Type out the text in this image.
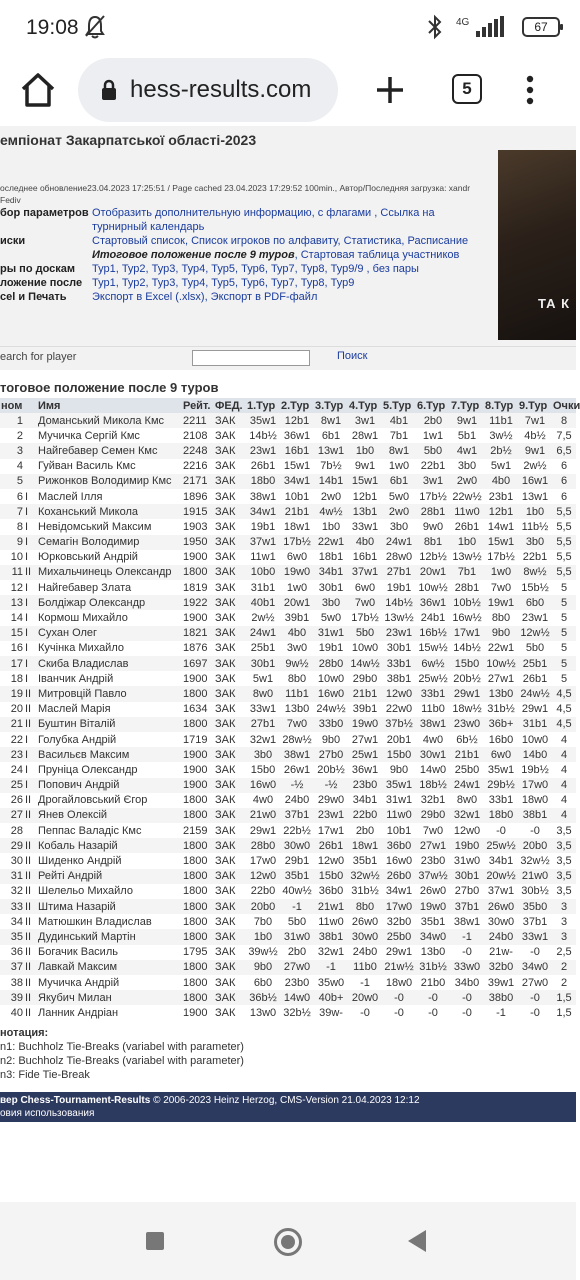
19:08	4G	67
hess-results.com	5
емпіонат Закарпатської області-2023
оследнее обновление23.04.2023 17:25:51 / Page cached 23.04.2023 17:29:52 100min., Автор/Последняя загрузка: xandr Fediv
бор параметров Отобразить дополнительную информацию, с флагами , Ссылка на турнирный календарь
иски	Стартовый список, Список игроков по алфавиту, Статистика, Расписание
Итоговое положение после 9 туров, Стартовая таблица участников
ры по доскам	Тур1, Тур2, Тур3, Тур4, Тур5, Тур6, Тур7, Тур8, Тур9/9 , без пары
ложение после Тур1, Тур2, Тур3, Тур4, Тур5, Тур6, Тур7, Тур8, Тур9
cel и Печать	Экспорт в Excel (.xlsx), Экспорт в PDF-файл	ТА К
earch for player	Поиск
тоговое положение после 9 туров
ном		Имя	Рейт.	ФЕД.	1.Тур	2.Тур	3.Тур	4.Тур	5.Тур	6.Тур	7.Тур	8.Тур	9.Тур	Очки
1		Доманський Микола Кмс	2211	ЗАК	35w1	12b1	8w1	3w1	4b1	2b0	9w1	11b1	7w1	8
2		Мучичка Сергій Кмс	2108	ЗАК	14b½	36w1	6b1	28w1	7b1	1w1	5b1	3w½	4b½	7,5
3		Найгебавер Семен Кмс	2248	ЗАК	23w1	16b1	13w1	1b0	8w1	5b0	4w1	2b½	9w1	6,5
4		Гуйван Василь Кмс	2216	ЗАК	26b1	15w1	7b½	9w1	1w0	22b1	3b0	5w1	2w½	6
5		Рижонков Володимир Кмс	2171	ЗАК	18b0	34w1	14b1	15w1	6b1	3w1	2w0	4b0	16w1	6
6	І	Маслей Ілля	1896	ЗАК	38w1	10b1	2w0	12b1	5w0	17b½	22w½	23b1	13w1	6
7	І	Коханський Микола	1915	ЗАК	34w1	21b1	4w½	13b1	2w0	28b1	11w0	12b1	1b0	5,5
8	І	Невідомський Максим	1903	ЗАК	19b1	18w1	1b0	33w1	3b0	9w0	26b1	14w1	11b½	5,5
9	І	Семагін Володимир	1950	ЗАК	37w1	17b½	22w1	4b0	24w1	8b1	1b0	15w1	3b0	5,5
10	І	Юрковський Андрій	1900	ЗАК	11w1	6w0	18b1	16b1	28w0	12b½	13w½	17b½	22b1	5,5
11	ІІ	Михальчинець Олександр	1800	ЗАК	10b0	19w0	34b1	37w1	27b1	20w1	7b1	1w0	8w½	5,5
12	І	Найгебавер Злата	1819	ЗАК	31b1	1w0	30b1	6w0	19b1	10w½	28b1	7w0	15b½	5
13	І	Болдіжар Олександр	1922	ЗАК	40b1	20w1	3b0	7w0	14b½	36w1	10b½	19w1	6b0	5
14	І	Кормош Михайло	1900	ЗАК	2w½	39b1	5w0	17b½	13w½	24b1	16w½	8b0	23w1	5
15	І	Сухан Олег	1821	ЗАК	24w1	4b0	31w1	5b0	23w1	16b½	17w1	9b0	12w½	5
16	І	Кучінка Михайло	1876	ЗАК	25b1	3w0	19b1	10w0	30b1	15w½	14b½	22w1	5b0	5
17	І	Скиба Владислав	1697	ЗАК	30b1	9w½	28b0	14w½	33b1	6w½	15b0	10w½	25b1	5
18	І	Іванчик Андрій	1900	ЗАК	5w1	8b0	10w0	29b0	38b1	25w½	20b½	27w1	26b1	5
19	ІІ	Митровцій Павло	1800	ЗАК	8w0	11b1	16w0	21b1	12w0	33b1	29w1	13b0	24w½	4,5
20	ІІ	Маслей Марія	1634	ЗАК	33w1	13b0	24w½	39b1	22w0	11b0	18w½	31b½	29w1	4,5
21	ІІ	Буштин Віталій	1800	ЗАК	27b1	7w0	33b0	19w0	37b½	38w1	23w0	36b+	31b1	4,5
22	І	Голубка Андрій	1719	ЗАК	32w1	28w½	9b0	27w1	20b1	4w0	6b½	16b0	10w0	4
23	І	Васильєв Максим	1900	ЗАК	3b0	38w1	27b0	25w1	15b0	30w1	21b1	6w0	14b0	4
24	І	Пруніца Олександр	1900	ЗАК	15b0	26w1	20b½	36w1	9b0	14w0	25b0	35w1	19b½	4
25	І	Попович Андрій	1900	ЗАК	16w0	-½	-½	23b0	35w1	18b½	24w1	29b½	17w0	4
26	ІІ	Дрогайловський Єгор	1800	ЗАК	4w0	24b0	29w0	34b1	31w1	32b1	8w0	33b1	18w0	4
27	ІІ	Янев Олексій	1800	ЗАК	21w0	37b1	23w1	22b0	11w0	29b0	32w1	18b0	38b1	4
28		Пеппас Валадіс Кмс	2159	ЗАК	29w1	22b½	17w1	2b0	10b1	7w0	12w0	-0	-0	3,5
29	ІІ	Кобаль Назарій	1800	ЗАК	28b0	30w0	26b1	18w1	36b0	27w1	19b0	25w½	20b0	3,5
30	ІІ	Шиденко Андрій	1800	ЗАК	17w0	29b1	12w0	35b1	16w0	23b0	31w0	34b1	32w½	3,5
31	ІІ	Рейті Андрій	1800	ЗАК	12w0	35b1	15b0	32w½	26b0	37w½	30b1	20w½	21w0	3,5
32	ІІ	Шелельо Михайло	1800	ЗАК	22b0	40w½	36b0	31b½	34w1	26w0	27b0	37w1	30b½	3,5
33	ІІ	Штима Назарій	1800	ЗАК	20b0	-1	21w1	8b0	17w0	19w0	37b1	26w0	35b0	3
34	ІІ	Матюшкин Владислав	1800	ЗАК	7b0	5b0	11w0	26w0	32b0	35b1	38w1	30w0	37b1	3
35	ІІ	Дудинський Мартін	1800	ЗАК	1b0	31w0	38b1	30w0	25b0	34w0	-1	24b0	33w1	3
36	ІІ	Богачик Василь	1795	ЗАК	39w½	2b0	32w1	24b0	29w1	13b0	-0	21w-	-0	2,5
37	ІІ	Лавкай Максим	1800	ЗАК	9b0	27w0	-1	11b0	21w½	31b½	33w0	32b0	34w0	2
38	ІІ	Мучичка Андрій	1800	ЗАК	6b0	23b0	35w0	-1	18w0	21b0	34b0	39w1	27w0	2
39	ІІ	Якубич Милан	1800	ЗАК	36b½	14w0	40b+	20w0	-0	-0	-0	38b0	-0	1,5
40	ІІ	Ланник Андріан	1900	ЗАК	13w0	32b½	39w-	-0	-0	-0	-0	-1	-0	1,5
нотация:
n1: Buchholz Tie-Breaks (variabel with parameter)
n2: Buchholz Tie-Breaks (variabel with parameter)
n3: Fide Tie-Break
вер Chess-Tournament-Results © 2006-2023 Heinz Herzog, CMS-Version 21.04.2023 12:12
овия использования
